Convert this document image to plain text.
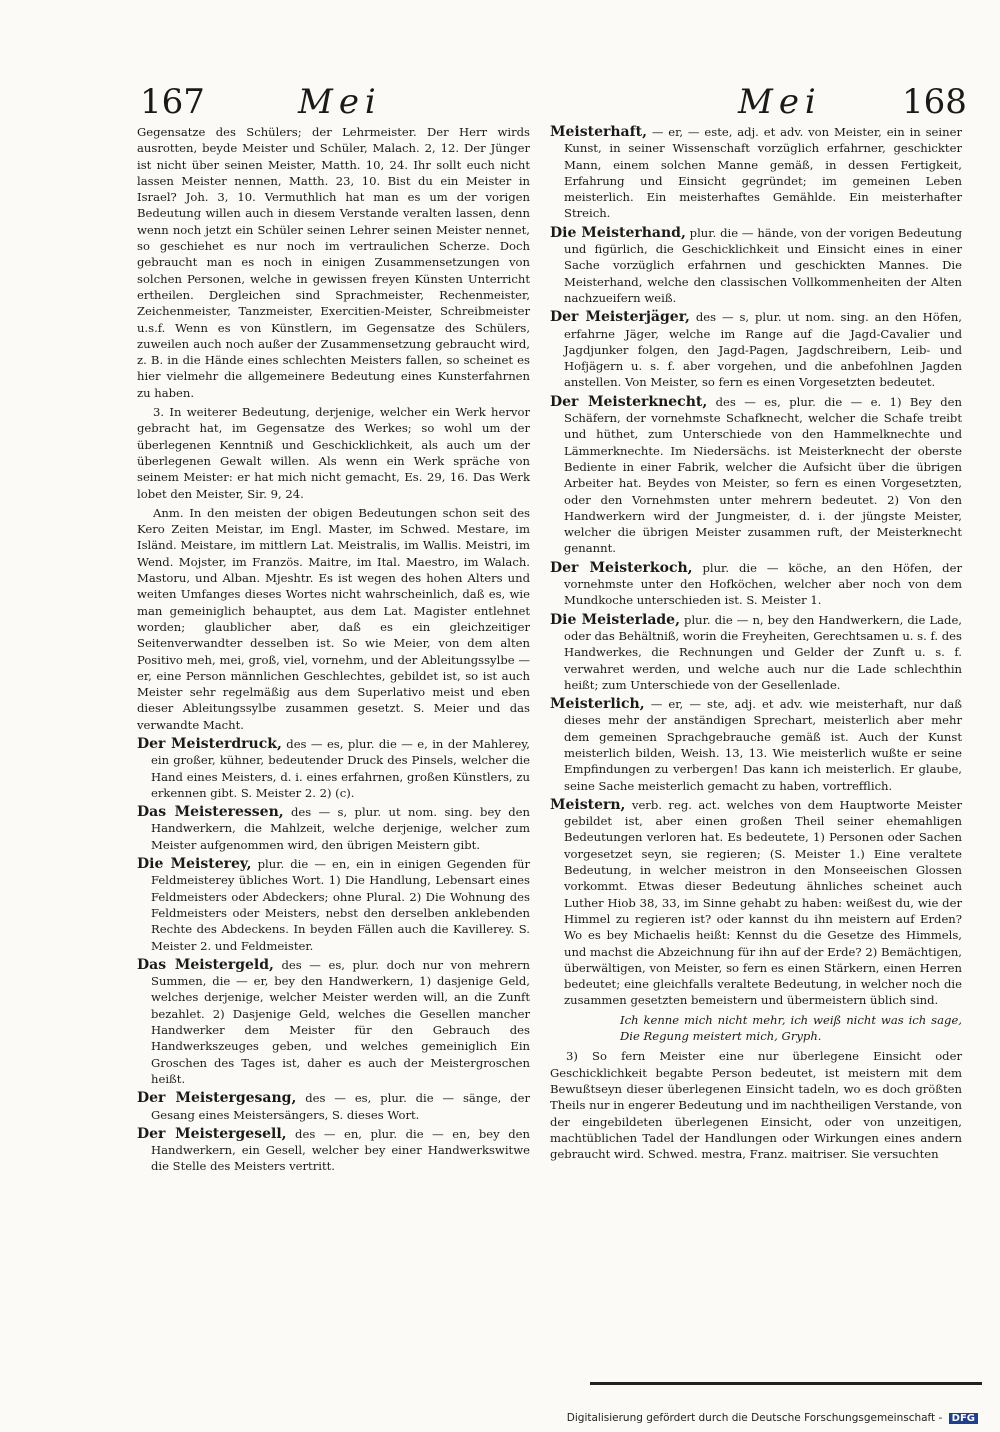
167	Mei	Mei 168
Gegensatze des Schülers; der Lehrmeister. Der Herr wirds ausrotten, beyde Meister und Schüler, Malach. 2, 12. Der Jünger ist nicht über seinen Meister, Matth. 10, 24. Ihr sollt euch nicht lassen Meister nennen, Matth. 23, 10. Bist du ein Meister in Israel? Joh. 3, 10. Vermuthlich hat man es um der vorigen Bedeutung willen auch in diesem Verstande veralten lassen, denn wenn noch jetzt ein Schüler seinen Lehrer seinen Meister nennet, so geschiehet es nur noch im vertraulichen Scherze. Doch gebraucht man es noch in einigen Zusammensetzungen von solchen Personen, welche in gewissen freyen Künsten Unterricht ertheilen. Dergleichen sind Sprachmeister, Rechenmeister, Zeichenmeister, Tanzmeister, Exercitien-Meister, Schreibmeister u.s.f. Wenn es von Künstlern, im Gegensatze des Schülers, zuweilen auch noch außer der Zusammensetzung gebraucht wird, z. B. in die Hände eines schlechten Meisters fallen, so scheinet es hier vielmehr die allgemeinere Bedeutung eines Kunsterfahrnen zu haben.
3. In weiterer Bedeutung, derjenige, welcher ein Werk hervor gebracht hat, im Gegensatze des Werkes; so wohl um der überlegenen Kenntniß und Geschicklichkeit, als auch um der überlegenen Gewalt willen. Als wenn ein Werk spräche von seinem Meister: er hat mich nicht gemacht, Es. 29, 16. Das Werk lobet den Meister, Sir. 9, 24.
Anm. In den meisten der obigen Bedeutungen schon seit des Kero Zeiten Meistar, im Engl. Master, im Schwed. Mestare, im Isländ. Meistare, im mittlern Lat. Meistralis, im Wallis. Meistri, im Wend. Mojster, im Französ. Maitre, im Ital. Maestro, im Walach. Mastoru, und Alban. Mjeshtr. Es ist wegen des hohen Alters und weiten Umfanges dieses Wortes nicht wahrscheinlich, daß es, wie man gemeiniglich behauptet, aus dem Lat. Magister entlehnet worden; glaublicher aber, daß es ein gleichzeitiger Seitenverwandter desselben ist. So wie Meier, von dem alten Positivo meh, mei, groß, viel, vornehm, und der Ableitungssylbe — er, eine Person männlichen Geschlechtes, gebildet ist, so ist auch Meister sehr regelmäßig aus dem Superlativo meist und eben dieser Ableitungssylbe zusammen gesetzt. S. Meier und das verwandte Macht.
Der Meisterdruck, des — es, plur. die — e, in der Mahlerey, ein großer, kühner, bedeutender Druck des Pinsels, welcher die Hand eines Meisters, d. i. eines erfahrnen, großen Künstlers, zu erkennen gibt. S. Meister 2. 2) (c).
Das Meisteressen, des — s, plur. ut nom. sing. bey den Handwerkern, die Mahlzeit, welche derjenige, welcher zum Meister aufgenommen wird, den übrigen Meistern gibt.
Die Meisterey, plur. die — en, ein in einigen Gegenden für Feldmeisterey übliches Wort. 1) Die Handlung, Lebensart eines Feldmeisters oder Abdeckers; ohne Plural. 2) Die Wohnung des Feldmeisters oder Meisters, nebst den derselben anklebenden Rechte des Abdeckens. In beyden Fällen auch die Kavillerey. S. Meister 2. und Feldmeister.
Das Meistergeld, des — es, plur. doch nur von mehrern Summen, die — er, bey den Handwerkern, 1) dasjenige Geld, welches derjenige, welcher Meister werden will, an die Zunft bezahlet. 2) Dasjenige Geld, welches die Gesellen mancher Handwerker dem Meister für den Gebrauch des Handwerkszeuges geben, und welches gemeiniglich Ein Groschen des Tages ist, daher es auch der Meistergroschen heißt.
Der Meistergesang, des — es, plur. die — sänge, der Gesang eines Meistersängers, S. dieses Wort.
Der Meistergesell, des — en, plur. die — en, bey den Handwerkern, ein Gesell, welcher bey einer Handwerkswitwe die Stelle des Meisters vertritt.
Meisterhaft, — er, — este, adj. et adv. von Meister, ein in seiner Kunst, in seiner Wissenschaft vorzüglich erfahrner, geschickter Mann, einem solchen Manne gemäß, in dessen Fertigkeit, Erfahrung und Einsicht gegründet; im gemeinen Leben meisterlich. Ein meisterhaftes Gemählde. Ein meisterhafter Streich.
Die Meisterhand, plur. die — hände, von der vorigen Bedeutung und figürlich, die Geschicklichkeit und Einsicht eines in einer Sache vorzüglich erfahrnen und geschickten Mannes. Die Meisterhand, welche den classischen Vollkommenheiten der Alten nachzueifern weiß.
Der Meisterjäger, des — s, plur. ut nom. sing. an den Höfen, erfahrne Jäger, welche im Range auf die Jagd-Cavalier und Jagdjunker folgen, den Jagd-Pagen, Jagdschreibern, Leib- und Hofjägern u. s. f. aber vorgehen, und die anbefohlnen Jagden anstellen. Von Meister, so fern es einen Vorgesetzten bedeutet.
Der Meisterknecht, des — es, plur. die — e. 1) Bey den Schäfern, der vornehmste Schafknecht, welcher die Schafe treibt und hüthet, zum Unterschiede von den Hammelknechte und Lämmerknechte. Im Niedersächs. ist Meisterknecht der oberste Bediente in einer Fabrik, welcher die Aufsicht über die übrigen Arbeiter hat. Beydes von Meister, so fern es einen Vorgesetzten, oder den Vornehmsten unter mehrern bedeutet. 2) Von den Handwerkern wird der Jungmeister, d. i. der jüngste Meister, welcher die übrigen Meister zusammen ruft, der Meisterknecht genannt.
Der Meisterkoch, plur. die — köche, an den Höfen, der vornehmste unter den Hofköchen, welcher aber noch von dem Mundkoche unterschieden ist. S. Meister 1.
Die Meisterlade, plur. die — n, bey den Handwerkern, die Lade, oder das Behältniß, worin die Freyheiten, Gerechtsamen u. s. f. des Handwerkes, die Rechnungen und Gelder der Zunft u. s. f. verwahret werden, und welche auch nur die Lade schlechthin heißt; zum Unterschiede von der Gesellenlade.
Meisterlich, — er, — ste, adj. et adv. wie meisterhaft, nur daß dieses mehr der anständigen Sprechart, meisterlich aber mehr dem gemeinen Sprachgebrauche gemäß ist. Auch der Kunst meisterlich bilden, Weish. 13, 13. Wie meisterlich wußte er seine Empfindungen zu verbergen! Das kann ich meisterlich. Er glaube, seine Sache meisterlich gemacht zu haben, vortrefflich.
Meistern, verb. reg. act. welches von dem Hauptworte Meister gebildet ist, aber einen großen Theil seiner ehemahligen Bedeutungen verloren hat. Es bedeutete, 1) Personen oder Sachen vorgesetzet seyn, sie regieren; (S. Meister 1.) Eine veraltete Bedeutung, in welcher meistron in den Monseeischen Glossen vorkommt. Etwas dieser Bedeutung ähnliches scheinet auch Luther Hiob 38, 33, im Sinne gehabt zu haben: weißest du, wie der Himmel zu regieren ist? oder kannst du ihn meistern auf Erden? Wo es bey Michaelis heißt: Kennst du die Gesetze des Himmels, und machst die Abzeichnung für ihn auf der Erde? 2) Bemächtigen, überwältigen, von Meister, so fern es einen Stärkern, einen Herren bedeutet; eine gleichfalls veraltete Bedeutung, in welcher noch die zusammen gesetzten bemeistern und übermeistern üblich sind.
Ich kenne mich nicht mehr, ich weiß nicht was ich sage, Die Regung meistert mich, Gryph.
3) So fern Meister eine nur überlegene Einsicht oder Geschicklichkeit begabte Person bedeutet, ist meistern mit dem Bewußtseyn dieser überlegenen Einsicht tadeln, wo es doch größten Theils nur in engerer Bedeutung und im nachtheiligen Verstande, von der eingebildeten überlegenen Einsicht, oder von unzeitigen, machtüblichen Tadel der Handlungen oder Wirkungen eines andern gebraucht wird. Schwed. mestra, Franz. maitriser. Sie versuchten
Digitalisierung gefördert durch die Deutsche Forschungsgemeinschaft - DFG
